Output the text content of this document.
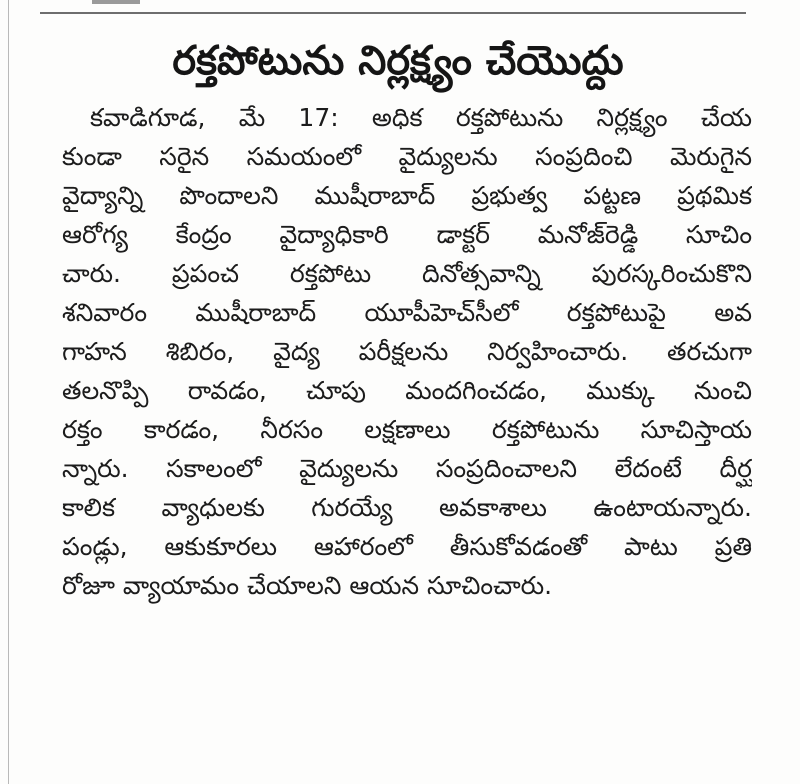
రక్తపోటును నిర్లక్ష్యం చేయొద్దు
కవాడిగూడ, మే 17: అధిక రక్తపోటును నిర్లక్ష్యం చేయ
కుండా సరైన సమయంలో వైద్యులను సంప్రదించి మెరుగైన
వైద్యాన్ని పొందాలని ముషీరాబాద్ ప్రభుత్వ పట్టణ ప్రథమిక
ఆరోగ్య కేంద్రం వైద్యాధికారి డాక్టర్ మనోజ్‌రెడ్డి సూచిం
చారు. ప్రపంచ రక్తపోటు దినోత్సవాన్ని పురస్కరించుకొని
శనివారం ముషీరాబాద్ యూపీహెచ్‌సీలో రక్తపోటుపై అవ
గాహన శిబిరం, వైద్య పరీక్షలను నిర్వహించారు. తరచుగా
తలనొప్పి రావడం, చూపు మందగించడం, ముక్కు నుంచి
రక్తం కారడం, నీరసం లక్షణాలు రక్తపోటును సూచిస్తాయ
న్నారు. సకాలంలో వైద్యులను సంప్రదించాలని లేదంటే దీర్ఘ
కాలిక వ్యాధులకు గురయ్యే అవకాశాలు ఉంటాయన్నారు.
పండ్లు, ఆకుకూరలు ఆహారంలో తీసుకోవడంతో పాటు ప్రతి
రోజూ వ్యాయామం చేయాలని ఆయన సూచించారు.
